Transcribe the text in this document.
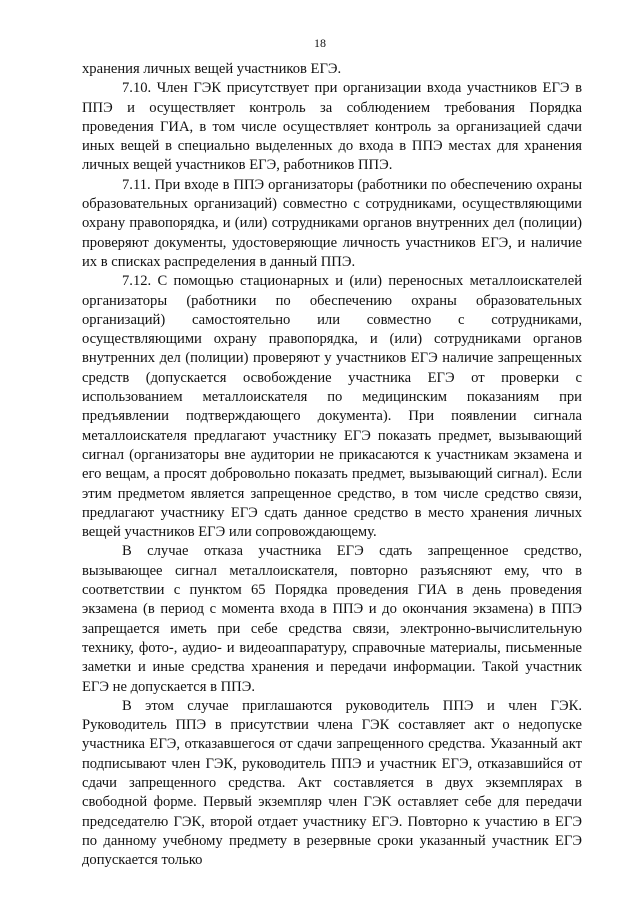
18

хранения личных вещей участников ЕГЭ.

7.10. Член ГЭК присутствует при организации входа участников ЕГЭ в ППЭ и осуществляет контроль за соблюдением требования Порядка проведения ГИА, в том числе осуществляет контроль за организацией сдачи иных вещей в специально выделенных до входа в ППЭ местах для хранения личных вещей участников ЕГЭ, работников ППЭ.

7.11. При входе в ППЭ организаторы (работники по обеспечению охраны образовательных организаций) совместно с сотрудниками, осуществляющими охрану правопорядка, и (или) сотрудниками органов внутренних дел (полиции) проверяют документы, удостоверяющие личность участников ЕГЭ, и наличие их в списках распределения в данный ППЭ.

7.12. С помощью стационарных и (или) переносных металлоискателей организаторы (работники по обеспечению охраны образовательных организаций) самостоятельно или совместно с сотрудниками, осуществляющими охрану правопорядка, и (или) сотрудниками органов внутренних дел (полиции) проверяют у участников ЕГЭ наличие запрещенных средств (допускается освобождение участника ЕГЭ от проверки с использованием металлоискателя по медицинским показаниям при предъявлении подтверждающего документа). При появлении сигнала металлоискателя предлагают участнику ЕГЭ показать предмет, вызывающий сигнал (организаторы вне аудитории не прикасаются к участникам экзамена и его вещам, а просят добровольно показать предмет, вызывающий сигнал). Если этим предметом является запрещенное средство, в том числе средство связи, предлагают участнику ЕГЭ сдать данное средство в место хранения личных вещей участников ЕГЭ или сопровождающему.

В случае отказа участника ЕГЭ сдать запрещенное средство, вызывающее сигнал металлоискателя, повторно разъясняют ему, что в соответствии с пунктом 65 Порядка проведения ГИА в день проведения экзамена (в период с момента входа в ППЭ и до окончания экзамена) в ППЭ запрещается иметь при себе средства связи, электронно-вычислительную технику, фото-, аудио- и видеоаппаратуру, справочные материалы, письменные заметки и иные средства хранения и передачи информации. Такой участник ЕГЭ не допускается в ППЭ.

В этом случае приглашаются руководитель ППЭ и член ГЭК. Руководитель ППЭ в присутствии члена ГЭК составляет акт о недопуске участника ЕГЭ, отказавшегося от сдачи запрещенного средства. Указанный акт подписывают член ГЭК, руководитель ППЭ и участник ЕГЭ, отказавшийся от сдачи запрещенного средства. Акт составляется в двух экземплярах в свободной форме. Первый экземпляр член ГЭК оставляет себе для передачи председателю ГЭК, второй отдает участнику ЕГЭ. Повторно к участию в ЕГЭ по данному учебному предмету в резервные сроки указанный участник ЕГЭ допускается только
